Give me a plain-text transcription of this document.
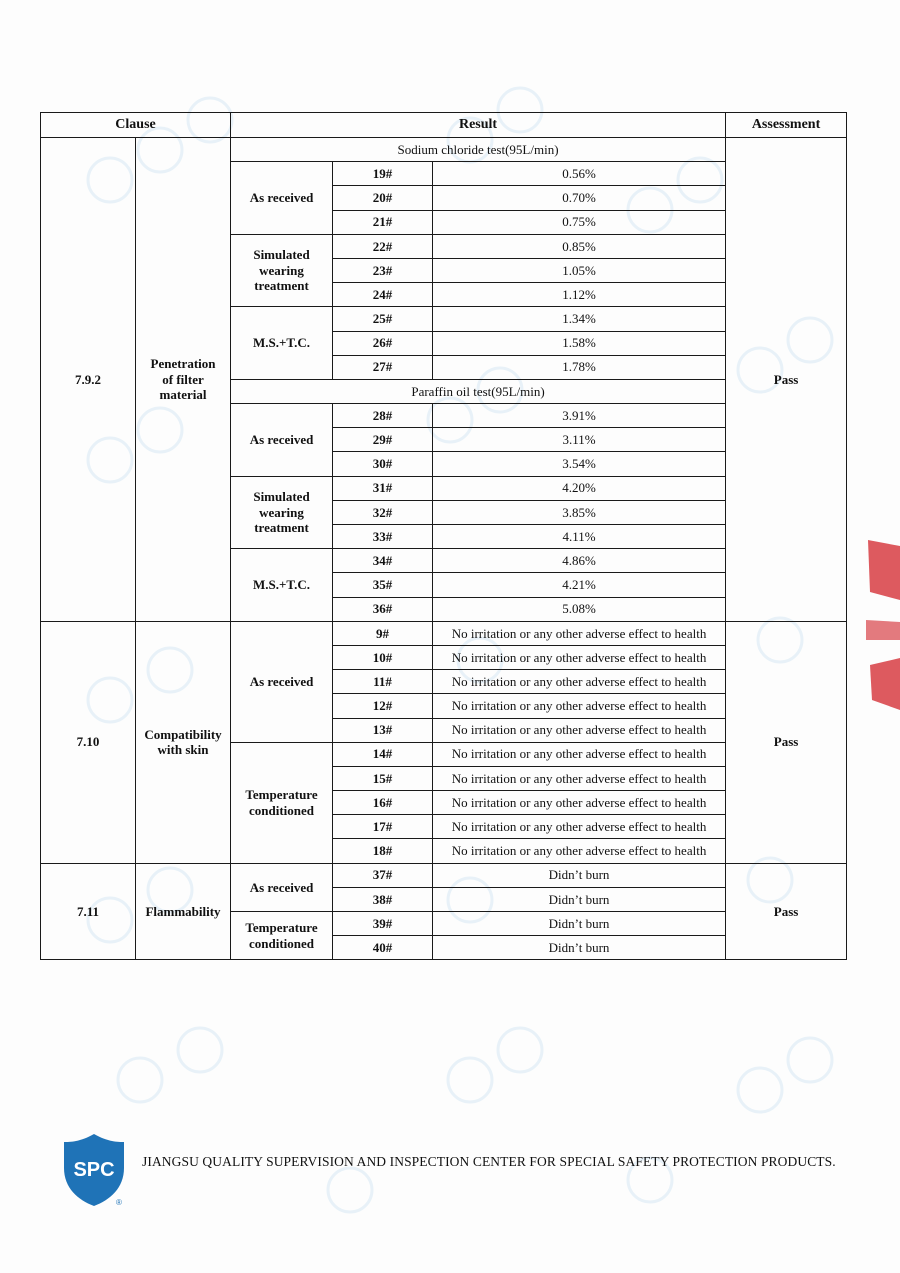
Clause		Result			Assessment
7.9.2	Penetration
of filter
material	Sodium chloride test(95L/min)			Pass
		As received	19#	0.56%	
			20#	0.70%	
			21#	0.75%	
		Simulated
wearing
treatment	22#	0.85%	
			23#	1.05%	
			24#	1.12%	
		M.S.+T.C.	25#	1.34%	
			26#	1.58%	
			27#	1.78%	
		Paraffin oil test(95L/min)			
		As received	28#	3.91%	
			29#	3.11%	
			30#	3.54%	
		Simulated
wearing
treatment	31#	4.20%	
			32#	3.85%	
			33#	4.11%	
		M.S.+T.C.	34#	4.86%	
			35#	4.21%	
			36#	5.08%	
7.10	Compatibility
with skin	As received	9#	No irritation or any other adverse effect to health	Pass
			10#	No irritation or any other adverse effect to health	
			11#	No irritation or any other adverse effect to health	
			12#	No irritation or any other adverse effect to health	
			13#	No irritation or any other adverse effect to health	
		Temperature
conditioned	14#	No irritation or any other adverse effect to health	
			15#	No irritation or any other adverse effect to health	
			16#	No irritation or any other adverse effect to health	
			17#	No irritation or any other adverse effect to health	
			18#	No irritation or any other adverse effect to health	
7.11	Flammability	As received	37#	Didn’t burn	Pass
			38#	Didn’t burn	
		Temperature
conditioned	39#	Didn’t burn	
			40#	Didn’t burn	
SPC
®
JIANGSU QUALITY SUPERVISION AND INSPECTION CENTER FOR SPECIAL SAFETY PROTECTION PRODUCTS.
